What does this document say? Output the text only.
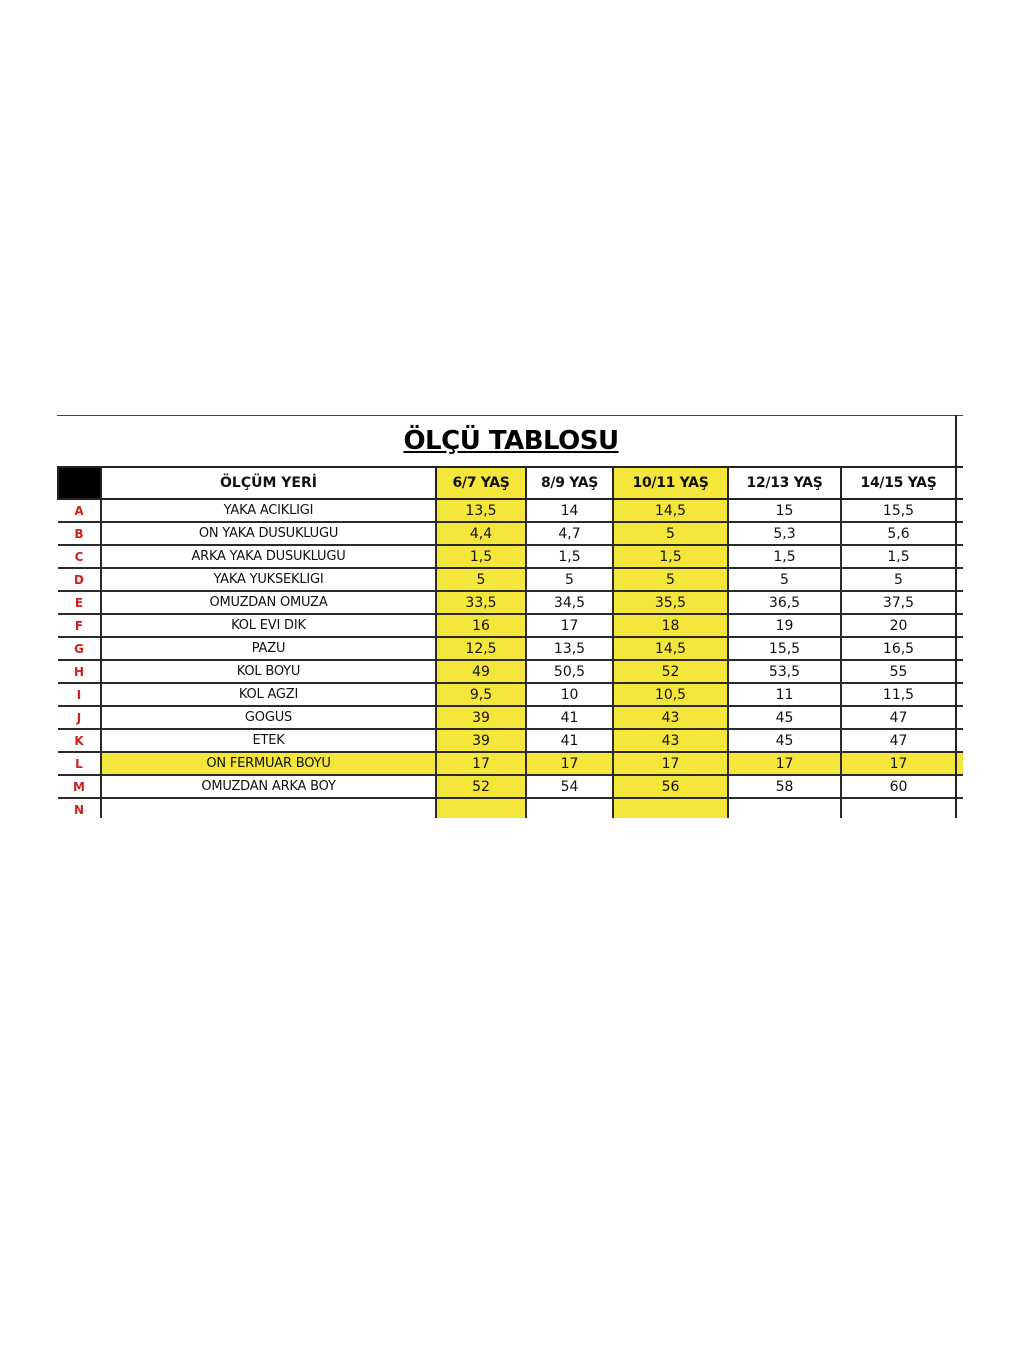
ÖLÇÜ TABLOSU							
	ÖLÇÜM YERİ	6/7 YAŞ	8/9 YAŞ	10/11 YAŞ	12/13 YAŞ	14/15 YAŞ	
A	YAKA ACIKLIGI	13,5	14	14,5	15	15,5	
B	ON YAKA DUSUKLUGU	4,4	4,7	5	5,3	5,6	
C	ARKA YAKA DUSUKLUGU	1,5	1,5	1,5	1,5	1,5	
D	YAKA YUKSEKLIGI	5	5	5	5	5	
E	OMUZDAN OMUZA	33,5	34,5	35,5	36,5	37,5	
F	KOL EVI DIK	16	17	18	19	20	
G	PAZU	12,5	13,5	14,5	15,5	16,5	
H	KOL BOYU	49	50,5	52	53,5	55	
I	KOL AGZI	9,5	10	10,5	11	11,5	
J	GOGUS	39	41	43	45	47	
K	ETEK	39	41	43	45	47	
L	ON FERMUAR BOYU	17	17	17	17	17	
M	OMUZDAN ARKA BOY	52	54	56	58	60	
N							
